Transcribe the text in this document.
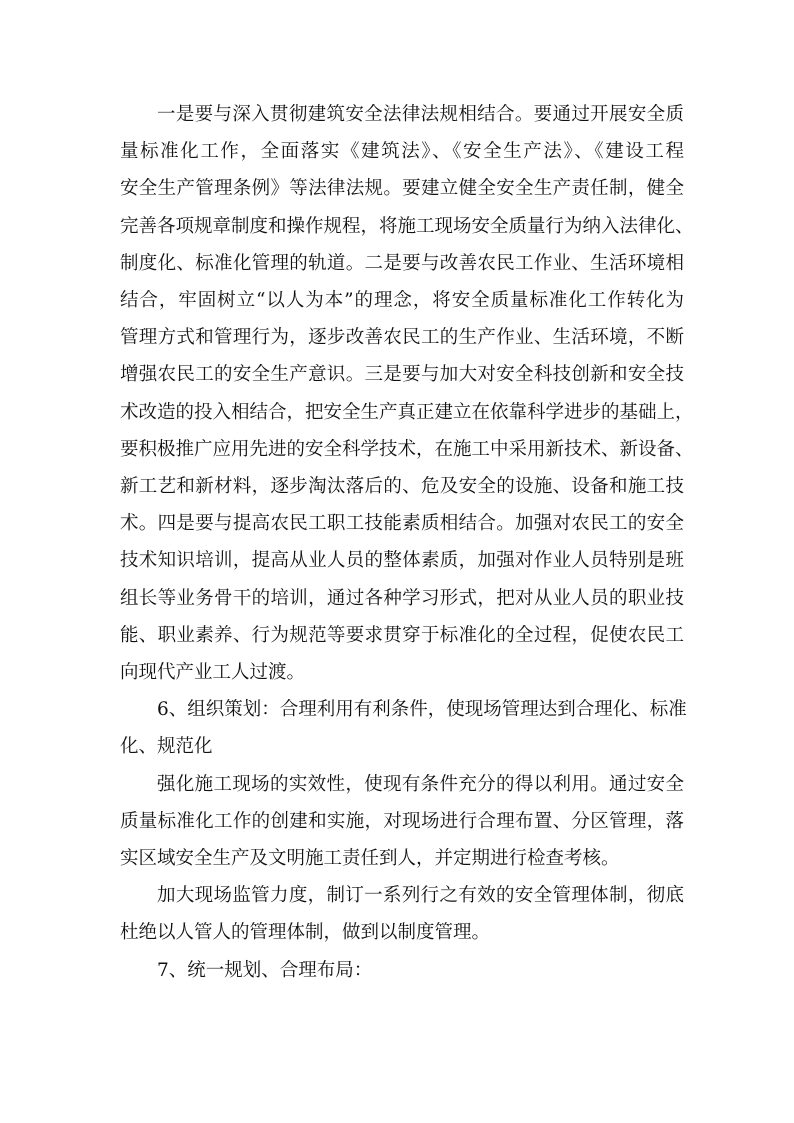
一是要与深入贯彻建筑安全法律法规相结合。要通过开展安全质
量标准化工作，全面落实《建筑法》、《安全生产法》、《建设工程
安全生产管理条例》等法律法规。要建立健全安全生产责任制，健全
完善各项规章制度和操作规程，将施工现场安全质量行为纳入法律化、
制度化、标准化管理的轨道。二是要与改善农民工作业、生活环境相
结合，牢固树立“以人为本”的理念，将安全质量标准化工作转化为
管理方式和管理行为，逐步改善农民工的生产作业、生活环境，不断
增强农民工的安全生产意识。三是要与加大对安全科技创新和安全技
术改造的投入相结合，把安全生产真正建立在依靠科学进步的基础上，
要积极推广应用先进的安全科学技术，在施工中采用新技术、新设备、
新工艺和新材料，逐步淘汰落后的、危及安全的设施、设备和施工技
术。四是要与提高农民工职工技能素质相结合。加强对农民工的安全
技术知识培训，提高从业人员的整体素质，加强对作业人员特别是班
组长等业务骨干的培训，通过各种学习形式，把对从业人员的职业技
能、职业素养、行为规范等要求贯穿于标准化的全过程，促使农民工
向现代产业工人过渡。
6、组织策划：合理利用有利条件，使现场管理达到合理化、标准
化、规范化
强化施工现场的实效性，使现有条件充分的得以利用。通过安全
质量标准化工作的创建和实施，对现场进行合理布置、分区管理，落
实区域安全生产及文明施工责任到人，并定期进行检查考核。
加大现场监管力度，制订一系列行之有效的安全管理体制，彻底
杜绝以人管人的管理体制，做到以制度管理。
7、统一规划、合理布局：
